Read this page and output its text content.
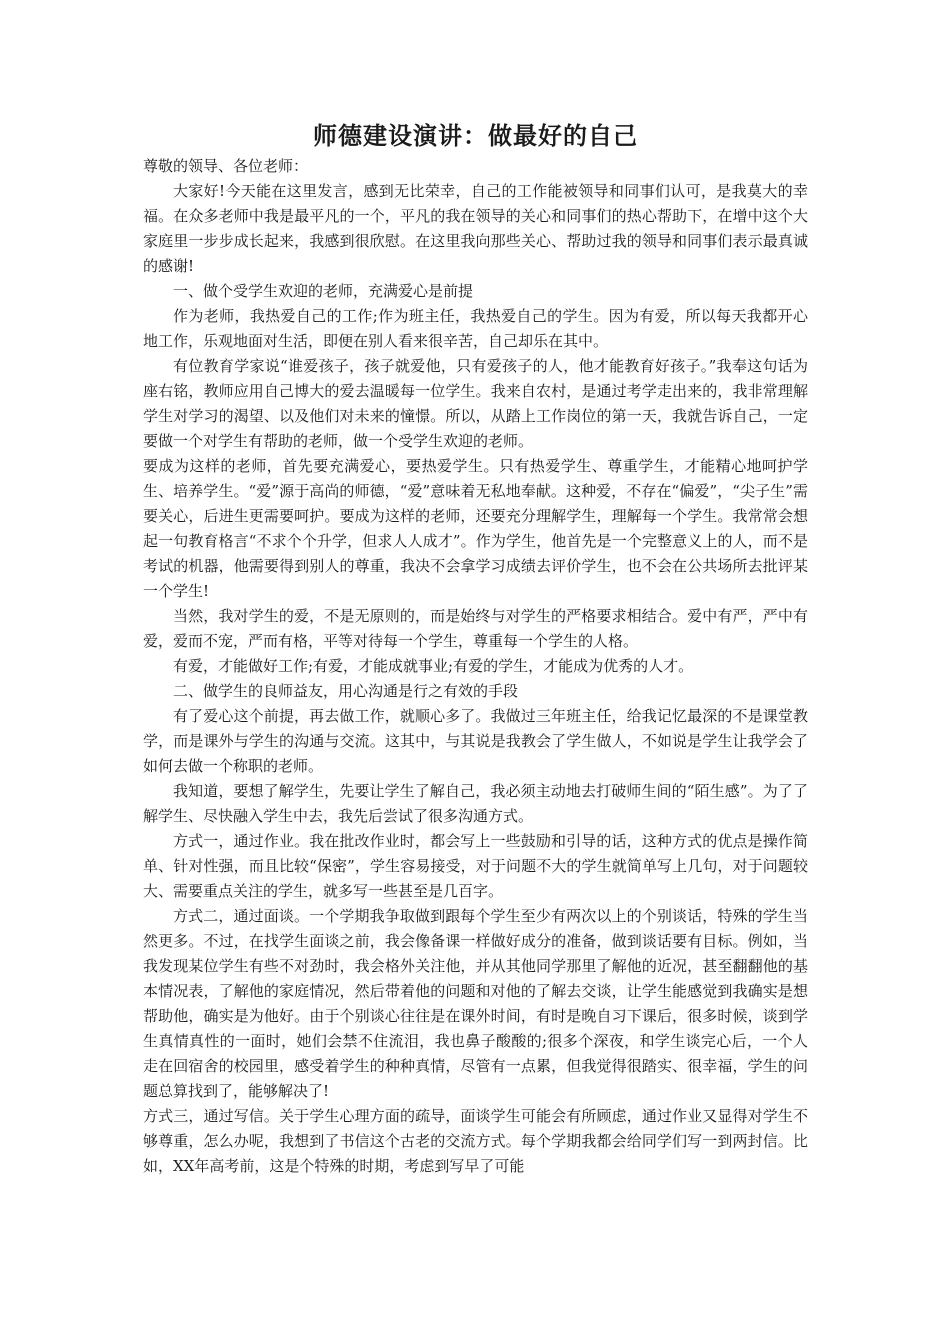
师德建设演讲：做最好的自己

尊敬的领导、各位老师：

大家好!今天能在这里发言，感到无比荣幸，自己的工作能被领导和同事们认可，是我莫大的幸福。在众多老师中我是最平凡的一个，平凡的我在领导的关心和同事们的热心帮助下，在增中这个大家庭里一步步成长起来，我感到很欣慰。在这里我向那些关心、帮助过我的领导和同事们表示最真诚的感谢!

一、做个受学生欢迎的老师，充满爱心是前提

作为老师，我热爱自己的工作;作为班主任，我热爱自己的学生。因为有爱，所以每天我都开心地工作，乐观地面对生活，即便在别人看来很辛苦，自己却乐在其中。

有位教育学家说“谁爱孩子，孩子就爱他，只有爱孩子的人，他才能教育好孩子。”我奉这句话为座右铭，教师应用自己博大的爱去温暖每一位学生。我来自农村，是通过考学走出来的，我非常理解学生对学习的渴望、以及他们对未来的憧憬。所以，从踏上工作岗位的第一天，我就告诉自己，一定要做一个对学生有帮助的老师，做一个受学生欢迎的老师。

要成为这样的老师，首先要充满爱心，要热爱学生。只有热爱学生、尊重学生，才能精心地呵护学生、培养学生。“爱”源于高尚的师德，“爱”意味着无私地奉献。这种爱，不存在“偏爱”，“尖子生”需要关心，后进生更需要呵护。要成为这样的老师，还要充分理解学生，理解每一个学生。我常常会想起一句教育格言“不求个个升学，但求人人成才”。作为学生，他首先是一个完整意义上的人，而不是考试的机器，他需要得到别人的尊重，我决不会拿学习成绩去评价学生，也不会在公共场所去批评某一个学生!

当然，我对学生的爱，不是无原则的，而是始终与对学生的严格要求相结合。爱中有严，严中有爱，爱而不宠，严而有格，平等对待每一个学生，尊重每一个学生的人格。

有爱，才能做好工作;有爱，才能成就事业;有爱的学生，才能成为优秀的人才。

二、做学生的良师益友，用心沟通是行之有效的手段

有了爱心这个前提，再去做工作，就顺心多了。我做过三年班主任，给我记忆最深的不是课堂教学，而是课外与学生的沟通与交流。这其中，与其说是我教会了学生做人，不如说是学生让我学会了如何去做一个称职的老师。

我知道，要想了解学生，先要让学生了解自己，我必须主动地去打破师生间的“陌生感”。为了了解学生、尽快融入学生中去，我先后尝试了很多沟通方式。

方式一，通过作业。我在批改作业时，都会写上一些鼓励和引导的话，这种方式的优点是操作简单、针对性强，而且比较“保密”，学生容易接受，对于问题不大的学生就简单写上几句，对于问题较大、需要重点关注的学生，就多写一些甚至是几百字。

方式二，通过面谈。一个学期我争取做到跟每个学生至少有两次以上的个别谈话，特殊的学生当然更多。不过，在找学生面谈之前，我会像备课一样做好成分的准备，做到谈话要有目标。例如，当我发现某位学生有些不对劲时，我会格外关注他，并从其他同学那里了解他的近况，甚至翻翻他的基本情况表，了解他的家庭情况，然后带着他的问题和对他的了解去交谈，让学生能感觉到我确实是想帮助他，确实是为他好。由于个别谈心往往是在课外时间，有时是晚自习下课后，很多时候，谈到学生真情真性的一面时，她们会禁不住流泪，我也鼻子酸酸的;很多个深夜，和学生谈完心后，一个人走在回宿舍的校园里，感受着学生的种种真情，尽管有一点累，但我觉得很踏实、很幸福，学生的问题总算找到了，能够解决了!

方式三，通过写信。关于学生心理方面的疏导，面谈学生可能会有所顾虑，通过作业又显得对学生不够尊重，怎么办呢，我想到了书信这个古老的交流方式。每个学期我都会给同学们写一到两封信。比如，XX年高考前，这是个特殊的时期，考虑到写早了可能
